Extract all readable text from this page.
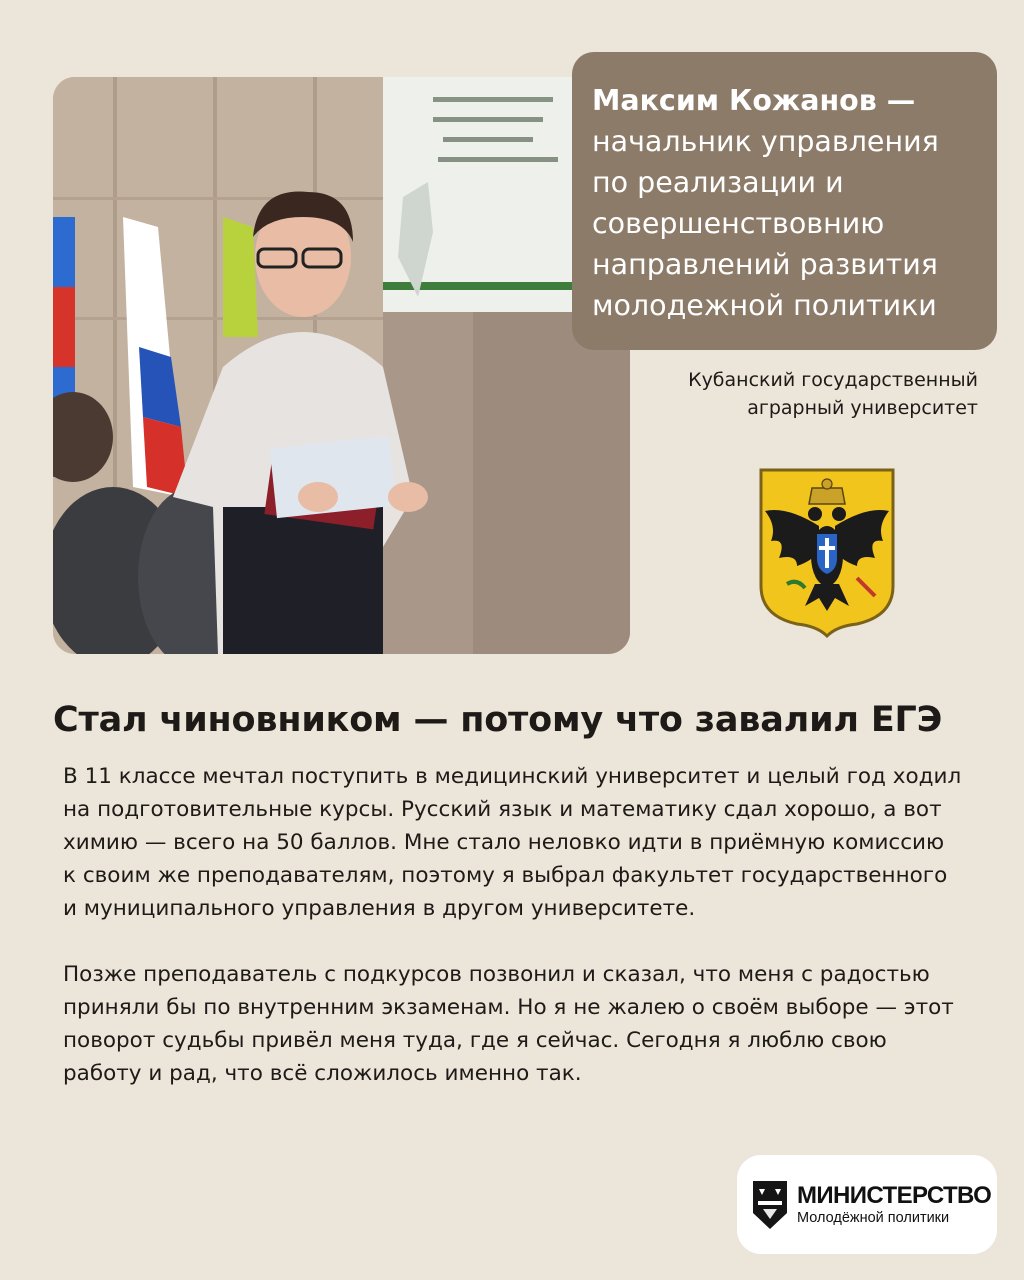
Максим Кожанов —
начальник управления
по реализации и
совершенствовнию
направлений развития
молодежной политики
Кубанский государственный
аграрный университет
Стал чиновником — потому что завалил ЕГЭ

В 11 классе мечтал поступить в медицинский университет и целый год ходил на подготовительные курсы. Русский язык и математику сдал хорошо, а вот химию — всего на 50 баллов. Мне стало неловко идти в приёмную комиссию к своим же преподавателям, поэтому я выбрал факультет государственного и муниципального управления в другом университете.

Позже преподаватель с подкурсов позвонил и сказал, что меня с радостью приняли бы по внутренним экзаменам. Но я не жалею о своём выборе — этот поворот судьбы привёл меня туда, где я сейчас. Сегодня я люблю свою работу и рад, что всё сложилось именно так.

МИНИСТЕРСТВО
Молодёжной политики
